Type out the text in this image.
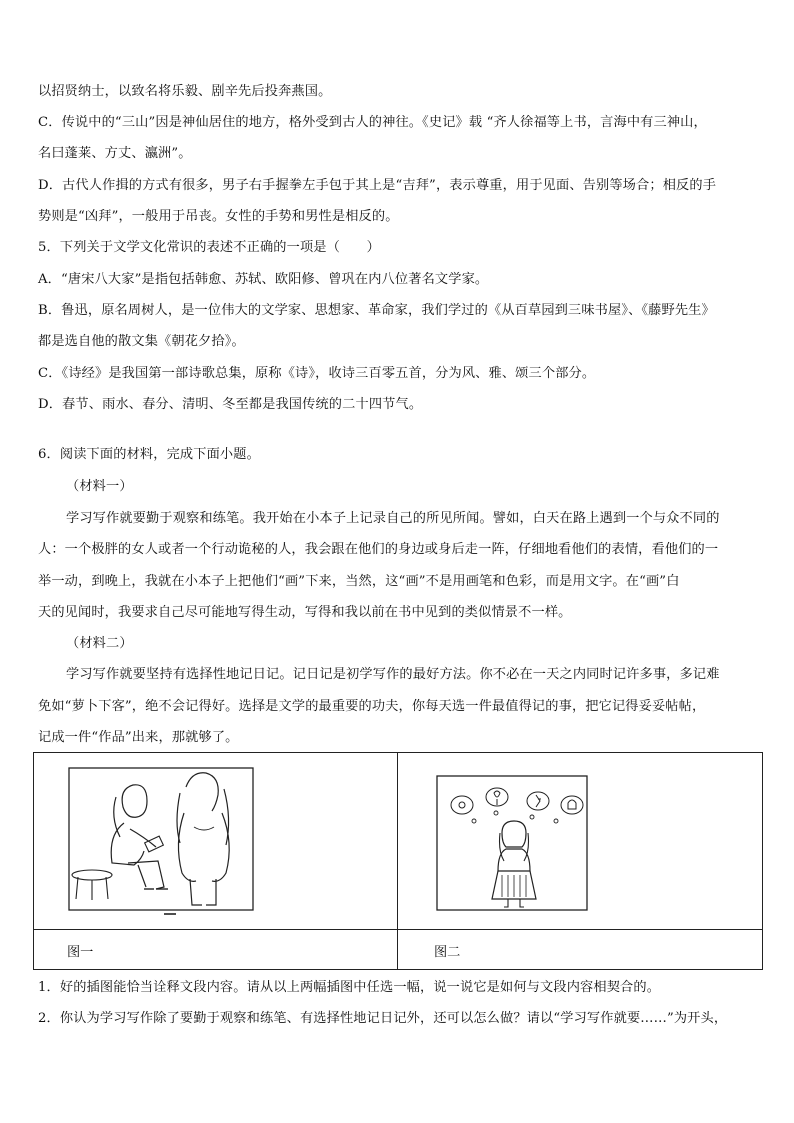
以招贤纳士，以致名将乐毅、剧辛先后投奔燕国。
C．传说中的“三山”因是神仙居住的地方，格外受到古人的神往。《史记》载 “齐人徐福等上书，言海中有三神山，
名曰蓬莱、方丈、瀛洲”。
D．古代人作揖的方式有很多，男子右手握拳左手包于其上是“吉拜”，表示尊重，用于见面、告别等场合；相反的手
势则是“凶拜”，一般用于吊丧。女性的手势和男性是相反的。
5．下列关于文学文化常识的表述不正确的一项是（　　）
A．“唐宋八大家”是指包括韩愈、苏轼、欧阳修、曾巩在内八位著名文学家。
B．鲁迅，原名周树人，是一位伟大的文学家、思想家、革命家，我们学过的《从百草园到三味书屋》、《藤野先生》
都是选自他的散文集《朝花夕拾》。
C．《诗经》是我国第一部诗歌总集，原称《诗》，收诗三百零五首，分为风、雅、颂三个部分。
D．春节、雨水、春分、清明、冬至都是我国传统的二十四节气。
6．阅读下面的材料，完成下面小题。
（材料一）
学习写作就要勤于观察和练笔。我开始在小本子上记录自己的所见所闻。譬如，白天在路上遇到一个与众不同的
人：一个极胖的女人或者一个行动诡秘的人，我会跟在他们的身边或身后走一阵，仔细地看他们的表情，看他们的一
举一动，到晚上，我就在小本子上把他们“画”下来，当然，这“画”不是用画笔和色彩，而是用文字。在“画”白
天的见闻时，我要求自己尽可能地写得生动，写得和我以前在书中见到的类似情景不一样。
（材料二）
学习写作就要坚持有选择性地记日记。记日记是初学写作的最好方法。你不必在一天之内同时记许多事，多记难
免如“萝卜下客”，绝不会记得好。选择是文学的最重要的功夫，你每天选一件最值得记的事，把它记得妥妥帖帖，
记成一件“作品”出来，那就够了。
图一	图二
1．好的插图能恰当诠释文段内容。请从以上两幅插图中任选一幅，说一说它是如何与文段内容相契合的。
2．你认为学习写作除了要勤于观察和练笔、有选择性地记日记外，还可以怎么做？请以“学习写作就要……”为开头，
